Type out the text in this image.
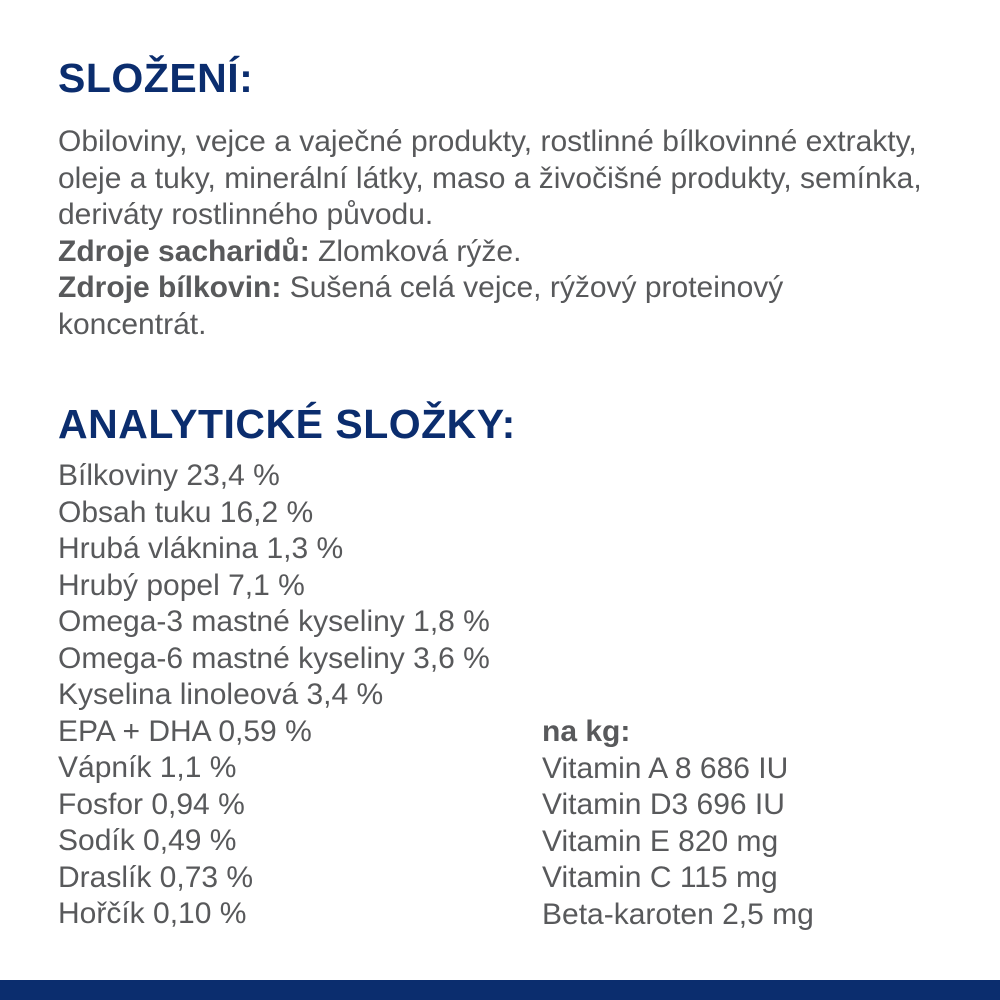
SLOŽENÍ:

Obiloviny, vejce a vaječné produkty, rostlinné bílkovinné extrakty, oleje a tuky, minerální látky, maso a živočišné produkty, semínka, deriváty rostlinného původu.

Zdroje sacharidů: Zlomková rýže.

Zdroje bílkovin: Sušená celá vejce, rýžový proteinový koncentrát.

ANALYTICKÉ SLOŽKY:
Bílkoviny 23,4 %
Obsah tuku 16,2 %
Hrubá vláknina 1,3 %
Hrubý popel 7,1 %
Omega-3 mastné kyseliny 1,8 %
Omega-6 mastné kyseliny 3,6 %
Kyselina linoleová 3,4 %
EPA + DHA 0,59 %
Vápník 1,1 %
Fosfor 0,94 %
Sodík 0,49 %
Draslík 0,73 %
Hořčík 0,10 %
na kg:
Vitamin A 8 686 IU
Vitamin D3 696 IU
Vitamin E 820 mg
Vitamin C 115 mg
Beta-karoten 2,5 mg
